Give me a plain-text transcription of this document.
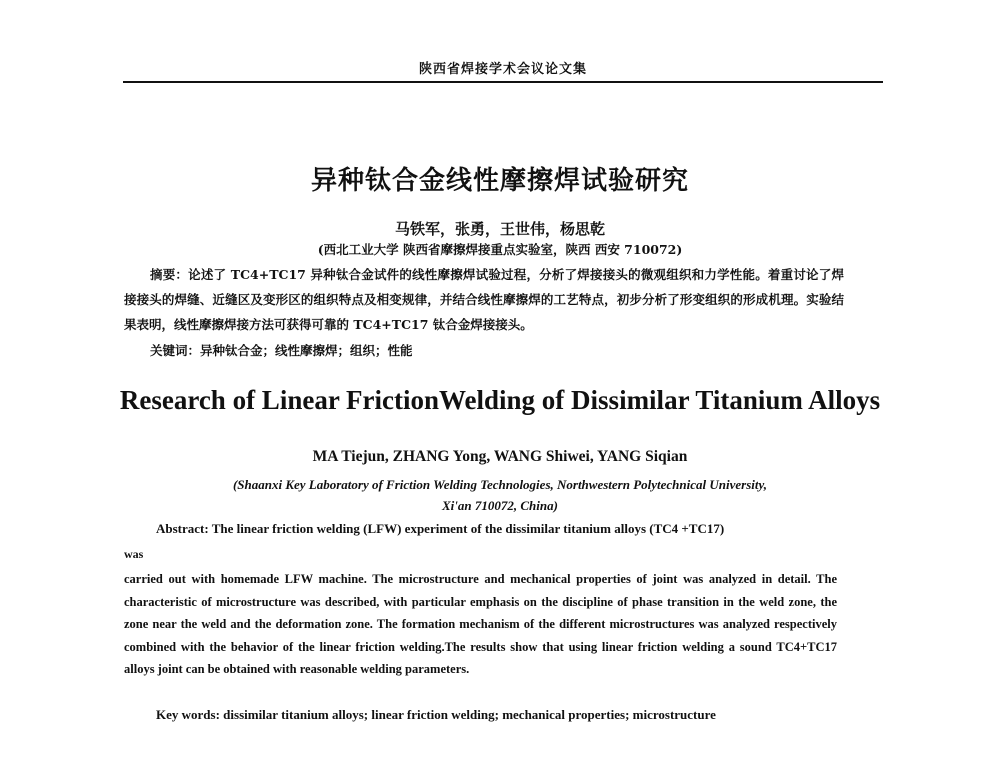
陕西省焊接学术会议论文集
异种钛合金线性摩擦焊试验研究
马铁军，张勇，王世伟，杨思乾
(西北工业大学 陕西省摩擦焊接重点实验室，陕西 西安 710072)
摘要：论述了 TC4+TC17 异种钛合金试件的线性摩擦焊试验过程，分析了焊接接头的微观组织和力学性能。着重讨论了焊接接头的焊缝、近缝区及变形区的组织特点及相变规律，并结合线性摩擦焊的工艺特点，初步分析了形变组织的形成机理。实验结果表明，线性摩擦焊接方法可获得可靠的 TC4+TC17 钛合金焊接接头。
关键词：异种钛合金；线性摩擦焊；组织；性能
Research of Linear FrictionWelding of Dissimilar Titanium Alloys
MA Tiejun, ZHANG Yong, WANG Shiwei, YANG Siqian
(Shaanxi Key Laboratory of Friction Welding Technologies, Northwestern Polytechnical University,
Xi'an 710072, China)
Abstract: The linear friction welding (LFW) experiment of the dissimilar titanium alloys (TC4 +TC17)
was
carried out with homemade LFW machine. The microstructure and mechanical properties of joint was analyzed in detail. The characteristic of microstructure was described, with particular emphasis on the discipline of phase transition in the weld zone, the zone near the weld and the deformation zone. The formation mechanism of the different microstructures was analyzed respectively combined with the behavior of the linear friction welding.The results show that using linear friction welding a sound TC4+TC17 alloys joint can be obtained with reasonable welding parameters.
Key words: dissimilar titanium alloys; linear friction welding; mechanical properties; microstructure
